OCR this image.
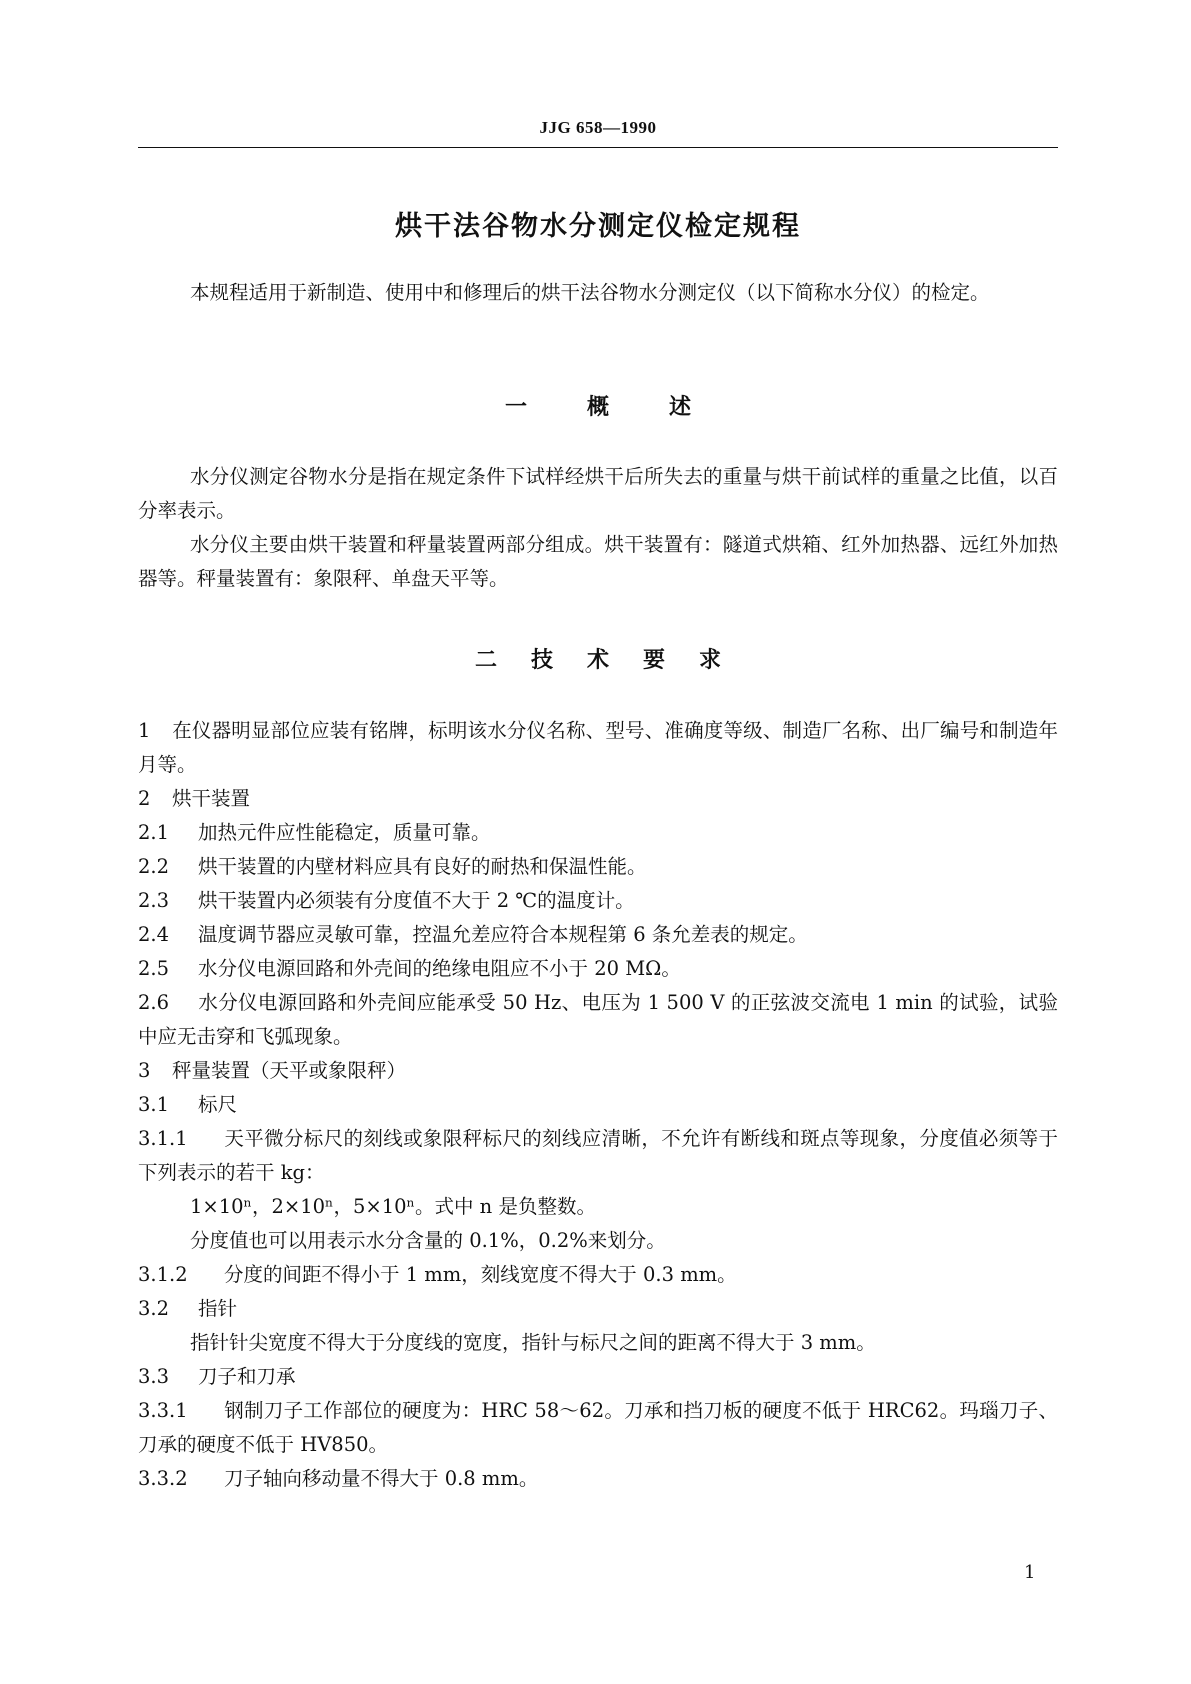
JJG 658—1990
烘干法谷物水分测定仪检定规程

本规程适用于新制造、使用中和修理后的烘干法谷物水分测定仪（以下简称水分仪）的检定。

一	概	述

水分仪测定谷物水分是指在规定条件下试样经烘干后所失去的重量与烘干前试样的重量之比值，以百分率表示。

水分仪主要由烘干装置和秤量装置两部分组成。烘干装置有：隧道式烘箱、红外加热器、远红外加热器等。秤量装置有：象限秤、单盘天平等。

二 技 术 要 求

1 在仪器明显部位应装有铭牌，标明该水分仪名称、型号、准确度等级、制造厂名称、出厂编号和制造年月等。

2 烘干装置

2.1 加热元件应性能稳定，质量可靠。

2.2 烘干装置的内壁材料应具有良好的耐热和保温性能。

2.3 烘干装置内必须装有分度值不大于 2 ℃的温度计。

2.4 温度调节器应灵敏可靠，控温允差应符合本规程第 6 条允差表的规定。

2.5 水分仪电源回路和外壳间的绝缘电阻应不小于 20 MΩ。

2.6 水分仪电源回路和外壳间应能承受 50 Hz、电压为 1 500 V 的正弦波交流电 1 min 的试验，试验中应无击穿和飞弧现象。

3 秤量装置（天平或象限秤）

3.1 标尺

3.1.1 天平微分标尺的刻线或象限秤标尺的刻线应清晰，不允许有断线和斑点等现象，分度值必须等于下列表示的若干 kg：

1×10ⁿ，2×10ⁿ，5×10ⁿ。式中 n 是负整数。

分度值也可以用表示水分含量的 0.1%，0.2%来划分。

3.1.2 分度的间距不得小于 1 mm，刻线宽度不得大于 0.3 mm。

3.2 指针

指针针尖宽度不得大于分度线的宽度，指针与标尺之间的距离不得大于 3 mm。

3.3 刀子和刀承

3.3.1 钢制刀子工作部位的硬度为：HRC 58～62。刀承和挡刀板的硬度不低于 HRC62。玛瑙刀子、刀承的硬度不低于 HV850。

3.3.2 刀子轴向移动量不得大于 0.8 mm。

1
